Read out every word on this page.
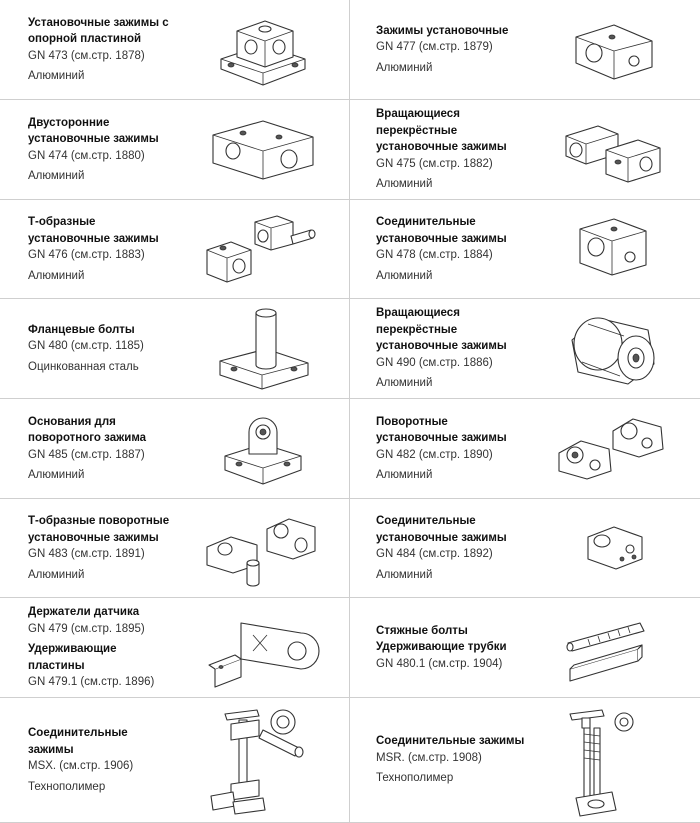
Установочные зажимы с опорной пластиной
GN 473 (см.стр. 1878)
Алюминий
Зажимы установочные
GN 477 (см.стр. 1879)
Алюминий
Двусторонние установочные зажимы
GN 474 (см.стр. 1880)
Алюминий
Вращающиеся перекрёстные установочные зажимы
GN 475 (см.стр. 1882)
Алюминий
Т-образные установочные зажимы
GN 476 (см.стр. 1883)
Алюминий
Соединительные установочные зажимы
GN 478 (см.стр. 1884)
Алюминий
Фланцевые болты
GN 480 (см.стр. 1185)
Оцинкованная сталь
Вращающиеся перекрёстные установочные зажимы
GN 490 (см.стр. 1886)
Алюминий
Основания для поворотного зажима
GN 485 (см.стр. 1887)
Алюминий
Поворотные установочные зажимы
GN 482 (см.стр. 1890)
Алюминий
Т-образные поворотные установочные зажимы
GN 483 (см.стр. 1891)
Алюминий
Соединительные установочные зажимы
GN 484 (см.стр. 1892)
Алюминий
Держатели датчика
GN 479 (см.стр. 1895)
Удерживающие пластины
GN 479.1 (см.стр. 1896)
Стяжные болты Удерживающие трубки
GN 480.1 (см.стр. 1904)
Соединительные зажимы
MSX. (см.стр. 1906)
Технополимер
Соединительные зажимы
MSR. (см.стр. 1908)
Технополимер
